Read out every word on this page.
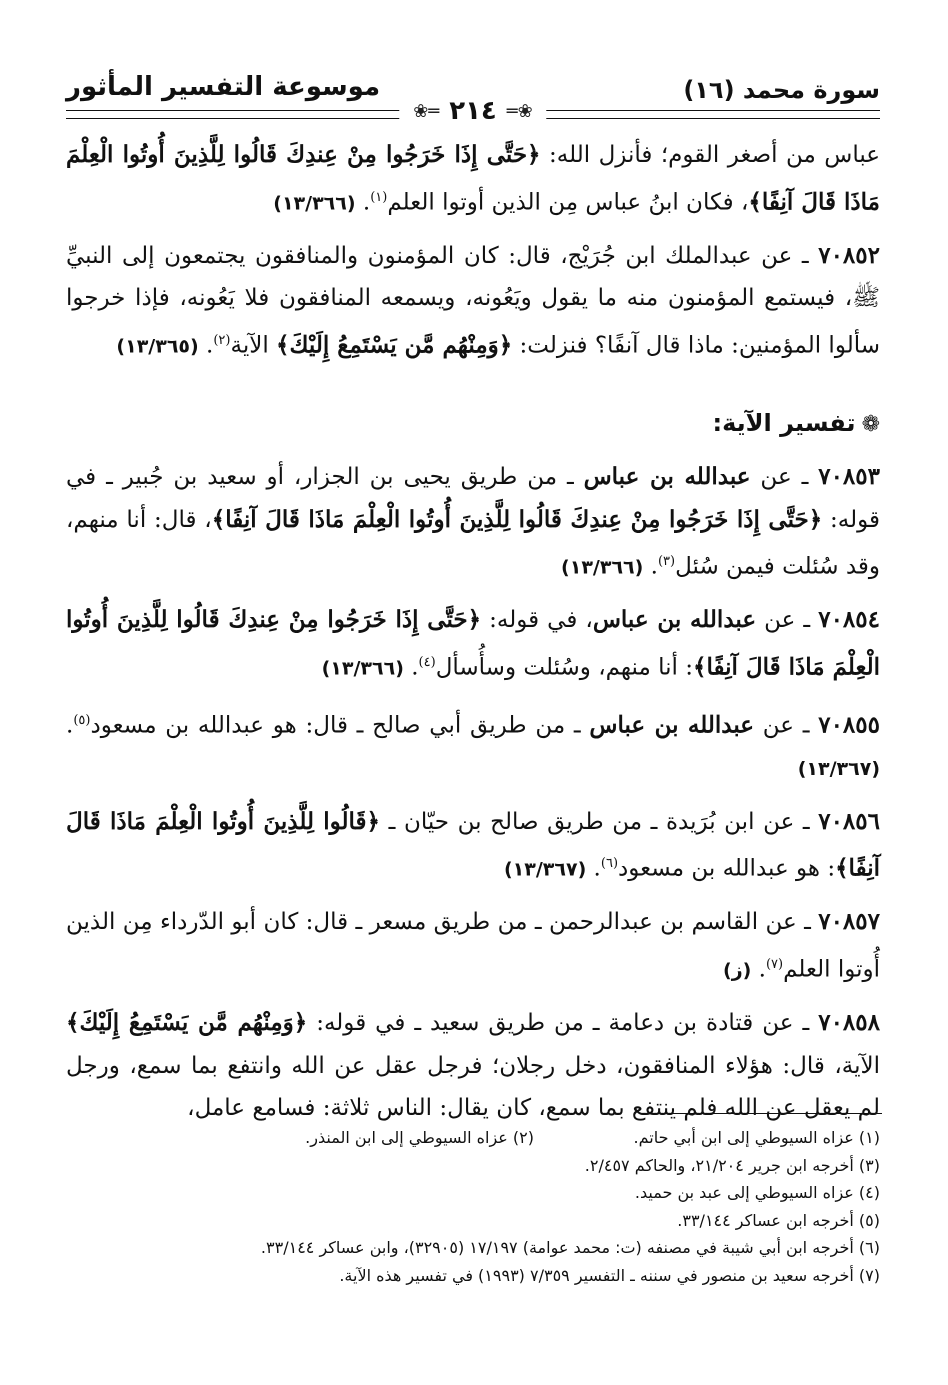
سورة محمد (١٦)
موسوعة التفسير المأثور
❀═ ٢١٤ ═❀

عباس من أصغر القوم؛ فأنزل الله: ﴿حَتَّى إِذَا خَرَجُوا مِنْ عِندِكَ قَالُوا لِلَّذِينَ أُوتُوا الْعِلْمَ مَاذَا قَالَ آنِفًا﴾، فكان ابنُ عباس مِن الذين أوتوا العلم$^{(١)}$. (١٣/٣٦٦)

٧٠٨٥٢ ـ عن عبدالملك ابن جُرَيْج، قال: كان المؤمنون والمنافقون يجتمعون إلى النبيِّ ﷺ، فيستمع المؤمنون منه ما يقول ويَعُونه، ويسمعه المنافقون فلا يَعُونه، فإذا خرجوا سألوا المؤمنين: ماذا قال آنفًا؟ فنزلت: ﴿وَمِنْهُم مَّن يَسْتَمِعُ إِلَيْكَ﴾ الآية$^{(٢)}$. (١٣/٣٦٥)

❁تفسير الآية:

٧٠٨٥٣ ـ عن عبدالله بن عباس ـ من طريق يحيى بن الجزار، أو سعيد بن جُبير ـ في قوله: ﴿حَتَّى إِذَا خَرَجُوا مِنْ عِندِكَ قَالُوا لِلَّذِينَ أُوتُوا الْعِلْمَ مَاذَا قَالَ آنِفًا﴾، قال: أنا منهم، وقد سُئلت فيمن سُئل$^{(٣)}$. (١٣/٣٦٦)

٧٠٨٥٤ ـ عن عبدالله بن عباس، في قوله: ﴿حَتَّى إِذَا خَرَجُوا مِنْ عِندِكَ قَالُوا لِلَّذِينَ أُوتُوا الْعِلْمَ مَاذَا قَالَ آنِفًا﴾: أنا منهم، وسُئلت وسأُسأل$^{(٤)}$. (١٣/٣٦٦)

٧٠٨٥٥ ـ عن عبدالله بن عباس ـ من طريق أبي صالح ـ قال: هو عبدالله بن مسعود$^{(٥)}$. (١٣/٣٦٧)

٧٠٨٥٦ ـ عن ابن بُرَيدة ـ من طريق صالح بن حيّان ـ ﴿قَالُوا لِلَّذِينَ أُوتُوا الْعِلْمَ مَاذَا قَالَ آنِفًا﴾: هو عبدالله بن مسعود$^{(٦)}$. (١٣/٣٦٧)

٧٠٨٥٧ ـ عن القاسم بن عبدالرحمن ـ من طريق مسعر ـ قال: كان أبو الدّرداء مِن الذين أُوتوا العلم$^{(٧)}$. (ز)

٧٠٨٥٨ ـ عن قتادة بن دعامة ـ من طريق سعيد ـ في قوله: ﴿وَمِنْهُم مَّن يَسْتَمِعُ إِلَيْكَ﴾ الآية، قال: هؤلاء المنافقون، دخل رجلان؛ فرجل عقل عن الله وانتفع بما سمع، ورجل لم يعقل عن الله فلم ينتفع بما سمع، كان يقال: الناس ثلاثة: فسامع عامل،

(١) عزاه السيوطي إلى ابن أبي حاتم.
(٢) عزاه السيوطي إلى ابن المنذر.
(٣) أخرجه ابن جرير ٢١/٢٠٤، والحاكم ٢/٤٥٧.
(٤) عزاه السيوطي إلى عبد بن حميد.
(٥) أخرجه ابن عساكر ٣٣/١٤٤.
(٦) أخرجه ابن أبي شيبة في مصنفه (ت: محمد عوامة) ١٧/١٩٧ (٣٢٩٠٥)، وابن عساكر ٣٣/١٤٤.
(٧) أخرجه سعيد بن منصور في سننه ـ التفسير ٧/٣٥٩ (١٩٩٣) في تفسير هذه الآية.
